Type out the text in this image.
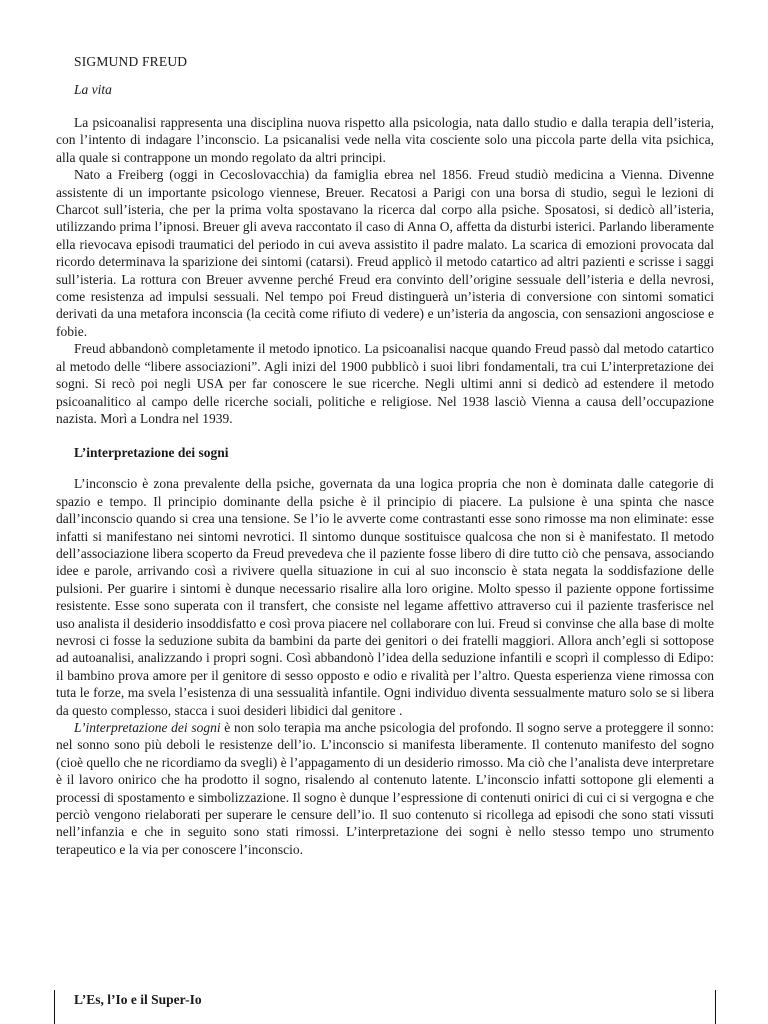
SIGMUND FREUD
La vita

La psicoanalisi rappresenta una disciplina nuova rispetto alla psicologia, nata dallo studio e dalla terapia dell’isteria, con l’intento di indagare l’inconscio. La psicanalisi vede nella vita cosciente solo una piccola parte della vita psichica, alla quale si contrappone un mondo regolato da altri principi.

Nato a Freiberg (oggi in Cecoslovacchia) da famiglia ebrea nel 1856. Freud studiò medicina a Vienna. Divenne assistente di un importante psicologo viennese, Breuer. Recatosi a Parigi con una borsa di studio, seguì le lezioni di Charcot sull’isteria, che per la prima volta spostavano la ricerca dal corpo alla psiche. Sposatosi, si dedicò all’isteria, utilizzando prima l’ipnosi. Breuer gli aveva raccontato il caso di Anna O, affetta da disturbi isterici. Parlando liberamente ella rievocava episodi traumatici del periodo in cui aveva assistito il padre malato. La scarica di emozioni provocata dal ricordo determinava la sparizione dei sintomi (catarsi). Freud applicò il metodo catartico ad altri pazienti e scrisse i saggi sull’isteria. La rottura con Breuer avvenne perché Freud era convinto dell’origine sessuale dell’isteria e della nevrosi, come resistenza ad impulsi sessuali. Nel tempo poi Freud distinguerà un’isteria di conversione con sintomi somatici derivati da una metafora inconscia (la cecità come rifiuto di vedere) e un’isteria da angoscia, con sensazioni angosciose e fobie.

Freud abbandonò completamente il metodo ipnotico. La psicoanalisi nacque quando Freud passò dal metodo catartico al metodo delle “libere associazioni”. Agli inizi del 1900 pubblicò i suoi libri fondamentali, tra cui L’interpretazione dei sogni. Si recò poi negli USA per far conoscere le sue ricerche. Negli ultimi anni si dedicò ad estendere il metodo psicoanalitico al campo delle ricerche sociali, politiche e religiose. Nel 1938 lasciò Vienna a causa dell’occupazione nazista. Morì a Londra nel 1939.

L’interpretazione dei sogni

L’inconscio è zona prevalente della psiche, governata da una logica propria che non è dominata dalle categorie di spazio e tempo. Il principio dominante della psiche è il principio di piacere. La pulsione è una spinta che nasce dall’inconscio quando si crea una tensione. Se l’io le avverte come contrastanti esse sono rimosse ma non eliminate: esse infatti si manifestano nei sintomi nevrotici. Il sintomo dunque sostituisce qualcosa che non si è manifestato. Il metodo dell’associazione libera scoperto da Freud prevedeva che il paziente fosse libero di dire tutto ciò che pensava, associando idee e parole, arrivando così a rivivere quella situazione in cui al suo inconscio è stata negata la soddisfazione delle pulsioni. Per guarire i sintomi è dunque necessario risalire alla loro origine. Molto spesso il paziente oppone fortissime resistente. Esse sono superata con il transfert, che consiste nel legame affettivo attraverso cui il paziente trasferisce nel uso analista il desiderio insoddisfatto e così prova piacere nel collaborare con lui. Freud si convinse che alla base di molte nevrosi ci fosse la seduzione subita da bambini da parte dei genitori o dei fratelli maggiori. Allora anch’egli si sottopose ad autoanalisi, analizzando i propri sogni. Così abbandonò l’idea della seduzione infantili e scoprì il complesso di Edipo: il bambino prova amore per il genitore di sesso opposto e odio e rivalità per l’altro. Questa esperienza viene rimossa con tuta le forze, ma svela l’esistenza di una sessualità infantile. Ogni individuo diventa sessualmente maturo solo se si libera da questo complesso, stacca i suoi desideri libidici dal genitore .

L’interpretazione dei sogni è non solo terapia ma anche psicologia del profondo. Il sogno serve a proteggere il sonno: nel sonno sono più deboli le resistenze dell’io. L’inconscio si manifesta liberamente. Il contenuto manifesto del sogno (cioè quello che ne ricordiamo da svegli) è l’appagamento di un desiderio rimosso. Ma ciò che l’analista deve interpretare è il lavoro onirico che ha prodotto il sogno, risalendo al contenuto latente. L’inconscio infatti sottopone gli elementi a processi di spostamento e simbolizzazione. Il sogno è dunque l’espressione di contenuti onirici di cui ci si vergogna e che perciò vengono rielaborati per superare le censure dell’io. Il suo contenuto si ricollega ad episodi che sono stati vissuti nell’infanzia e che in seguito sono stati rimossi. L’interpretazione dei sogni è nello stesso tempo uno strumento terapeutico e la via per conoscere l’inconscio.

L’Es, l’Io e il Super-Io
